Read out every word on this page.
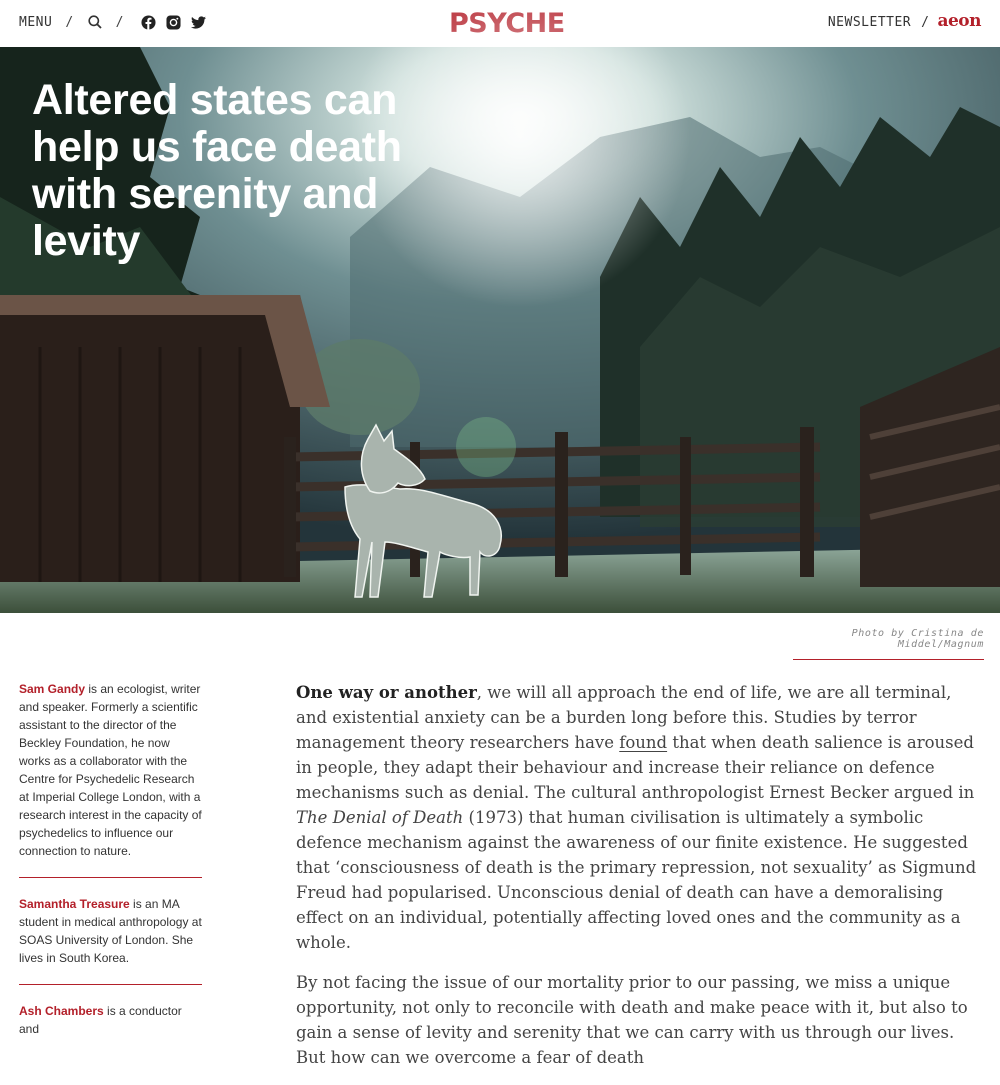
MENU /	/	NEWSLETTER / aeon
Altered states can help us face death with serenity and levity
Photo by Cristina de Middel/Magnum
Sam Gandy is an ecologist, writer and speaker. Formerly a scientific assistant to the director of the Beckley Foundation, he now works as a collaborator with the Centre for Psychedelic Research at Imperial College London, with a research interest in the capacity of psychedelics to influence our connection to nature.
Samantha Treasure is an MA student in medical anthropology at SOAS University of London. She lives in South Korea.
Ash Chambers is a conductor and

One way or another, we will all approach the end of life, we are all terminal, and existential anxiety can be a burden long before this. Studies by terror management theory researchers have found that when death salience is aroused in people, they adapt their behaviour and increase their reliance on defence mechanisms such as denial. The cultural anthropologist Ernest Becker argued in The Denial of Death (1973) that human civilisation is ultimately a symbolic defence mechanism against the awareness of our finite existence. He suggested that ‘consciousness of death is the primary repression, not sexuality’ as Sigmund Freud had popularised. Unconscious denial of death can have a demoralising effect on an individual, potentially affecting loved ones and the community as a whole.

By not facing the issue of our mortality prior to our passing, we miss a unique opportunity, not only to reconcile with death and make peace with it, but also to gain a sense of levity and serenity that we can carry with us through our lives. But how can we overcome a fear of death
